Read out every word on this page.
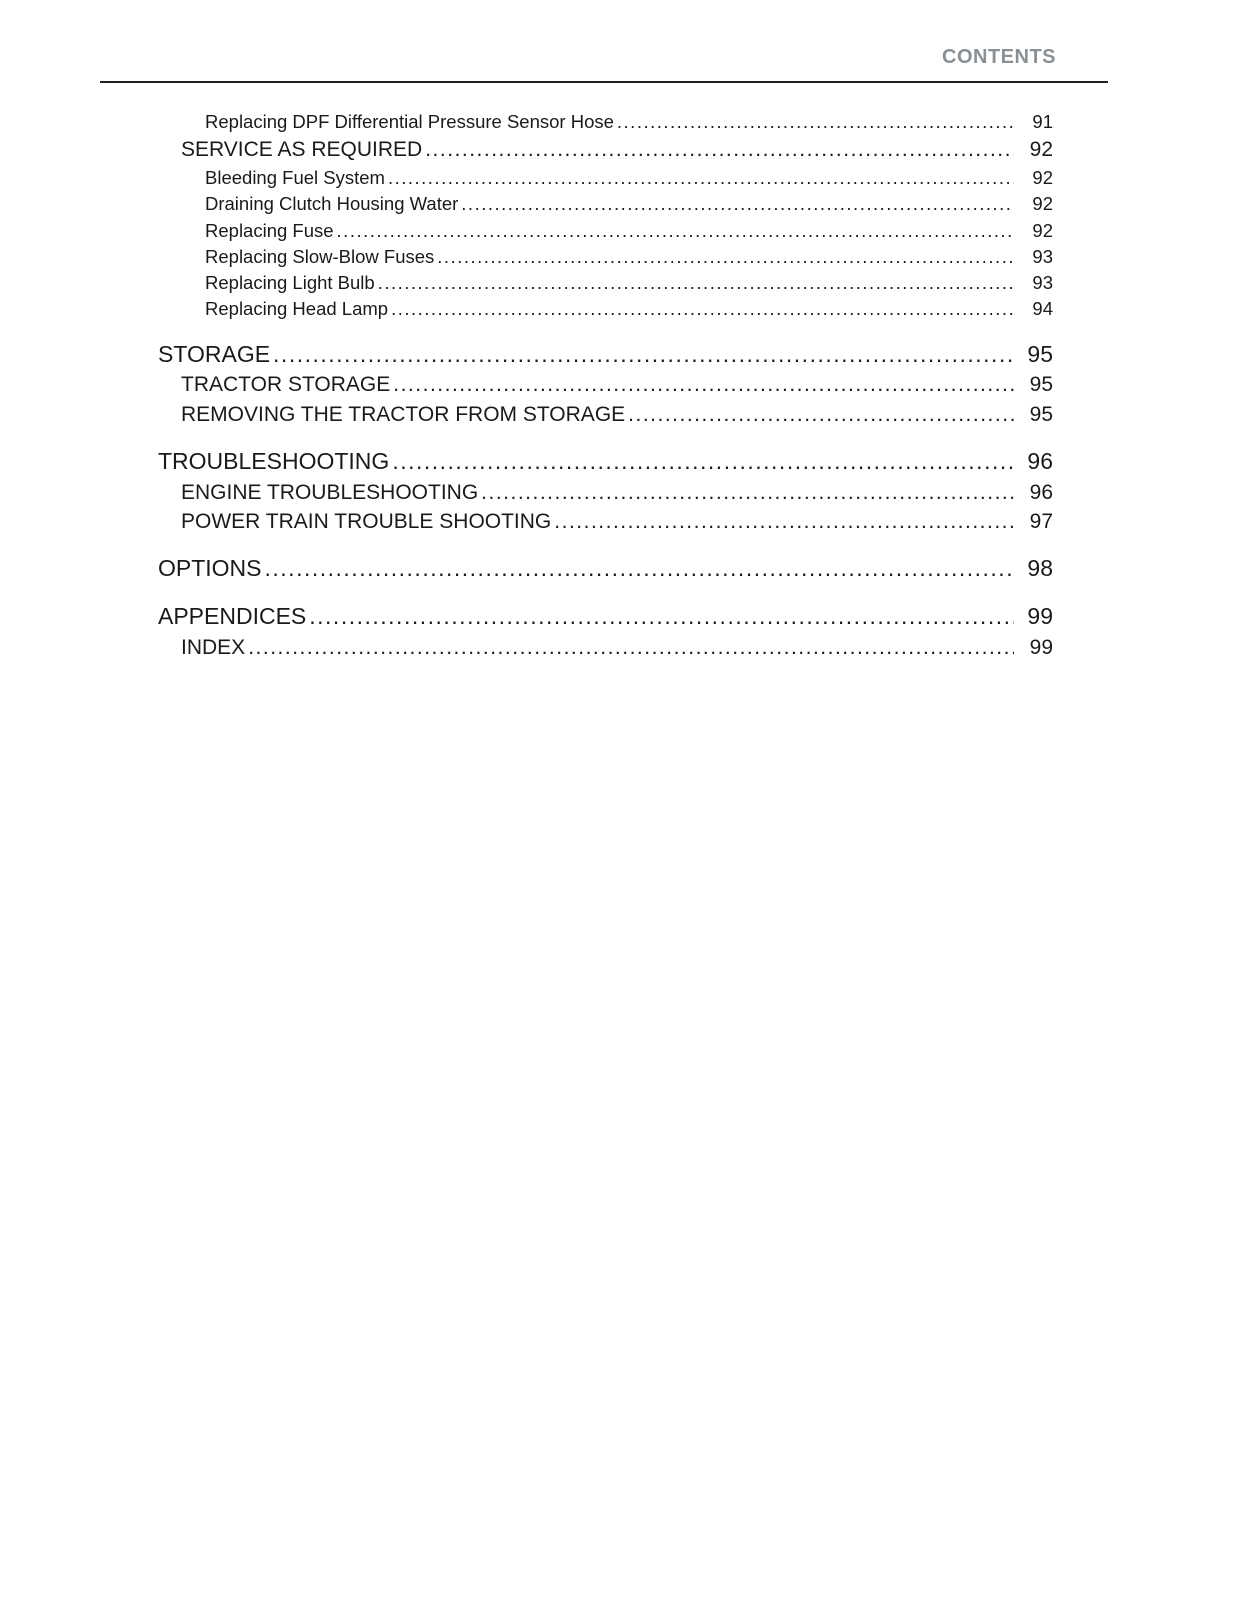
CONTENTS
Replacing DPF Differential Pressure Sensor Hose .....	91
SERVICE AS REQUIRED .....	92
Bleeding Fuel System .....	92
Draining Clutch Housing Water .....	92
Replacing Fuse .....	92
Replacing Slow-Blow Fuses .....	93
Replacing Light Bulb .....	93
Replacing Head Lamp .....	94
STORAGE .....	95
TRACTOR STORAGE .....	95
REMOVING THE TRACTOR FROM STORAGE .....	95
TROUBLESHOOTING .....	96
ENGINE TROUBLESHOOTING .....	96
POWER TRAIN TROUBLE SHOOTING .....	97
OPTIONS .....	98
APPENDICES .....	99
INDEX .....	99
